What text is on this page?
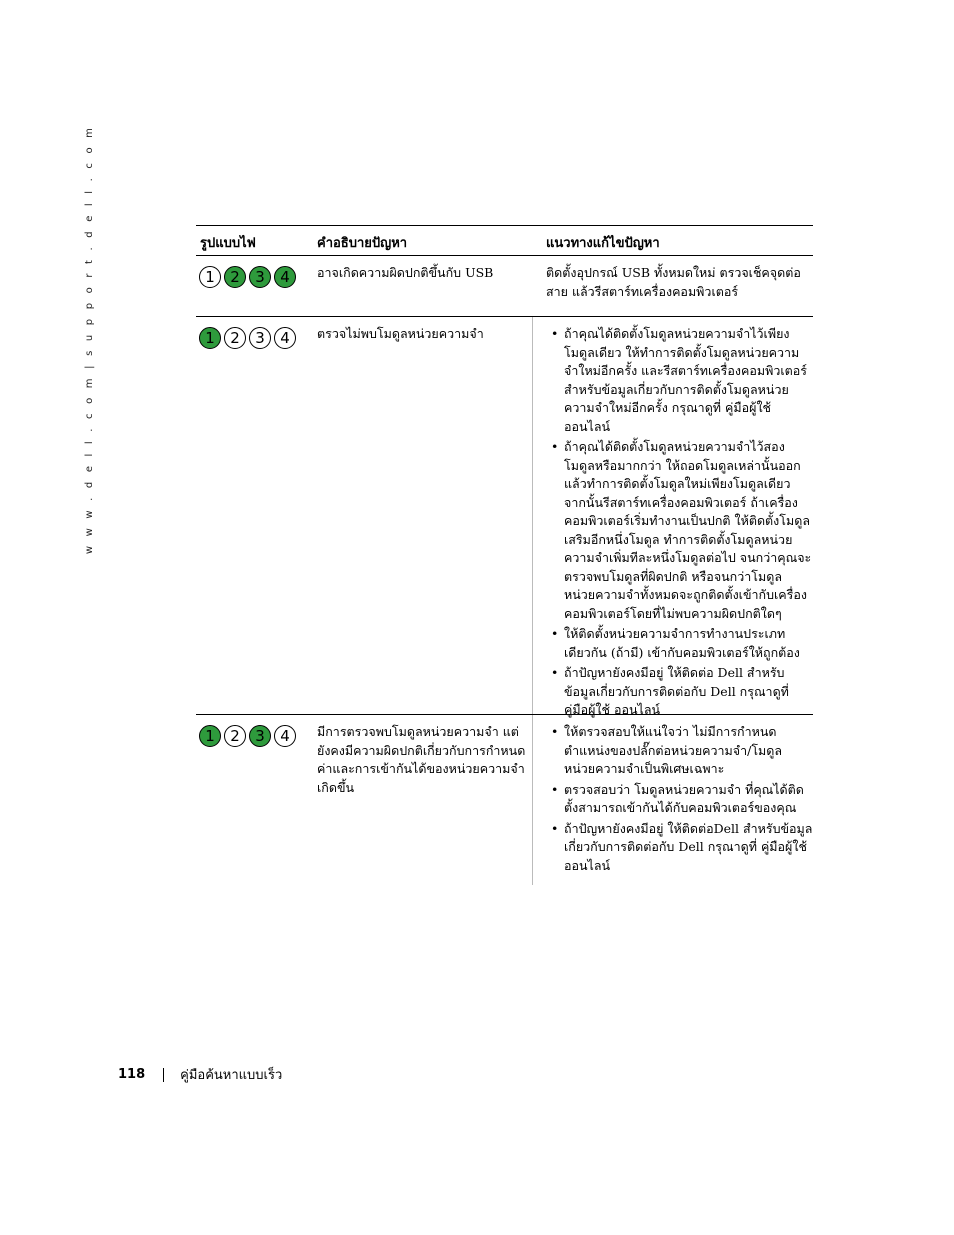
w w w . d e l l . c o m | s u p p o r t . d e l l . c o m	รูปแบบไฟ	คำอธิบายปัญหา	แนวทางแก้ไขปัญหา
1	2	3	4	อาจเกิดความผิดปกติขึ้นกับ USB	ติดตั้งอุปกรณ์ USB ทั้งหมดใหม่ ตรวจเช็คจุดต่อสาย แล้วรีสตาร์ทเครื่องคอมพิวเตอร์
1	2	3	4	ตรวจไม่พบโมดูลหน่วยความจำ
•	ถ้าคุณได้ติดตั้งโมดูลหน่วยความจำไว้เพียงโมดูลเดียว ให้ทำการติดตั้งโมดูลหน่วยความจำใหม่อีกครั้ง และรีสตาร์ทเครื่องคอมพิวเตอร์ สำหรับข้อมูลเกี่ยวกับการติดตั้งโมดูลหน่วยความจำใหม่อีกครั้ง กรุณาดูที่ คู่มือผู้ใช้ ออนไลน์
• ถ้าคุณได้ติดตั้งโมดูลหน่วยความจำไว้สองโมดูลหรือมากกว่า ให้ถอดโมดูลเหล่านั้นออก แล้วทำการติดตั้งโมดูลใหม่เพียงโมดูลเดียว จากนั้นรีสตาร์ทเครื่องคอมพิวเตอร์ ถ้าเครื่องคอมพิวเตอร์เริ่มทำงานเป็นปกติ ให้ติดตั้งโมดูลเสริมอีกหนึ่งโมดูล ทำการติดตั้งโมดูลหน่วยความจำเพิ่มทีละหนึ่งโมดูลต่อไป จนกว่าคุณจะตรวจพบโมดูลที่ผิดปกติ หรือจนกว่าโมดูลหน่วยความจำทั้งหมดจะถูกติดตั้งเข้ากับเครื่องคอมพิวเตอร์โดยที่ไม่พบความผิดปกติใดๆ
• ให้ติดตั้งหน่วยความจำการทำงานประเภทเดียวกัน (ถ้ามี) เข้ากับคอมพิวเตอร์ให้ถูกต้อง
• ถ้าปัญหายังคงมีอยู่ ให้ติดต่อ Dell สำหรับข้อมูลเกี่ยวกับการติดต่อกับ Dell กรุณาดูที่ คู่มือผู้ใช้ ออนไลน์
1	2	3	4	มีการตรวจพบโมดูลหน่วยความจำ แต่ยังคงมีความผิดปกติเกี่ยวกับการกำหนดค่าและการเข้ากันได้ของหน่วยความจำเกิดขึ้น
• ให้ตรวจสอบให้แน่ใจว่า ไม่มีการกำหนดตำแหน่งของปลั๊กต่อหน่วยความจำ/โมดูลหน่วยความจำเป็นพิเศษเฉพาะ
• ตรวจสอบว่า โมดูลหน่วยความจำ ที่คุณได้ติดตั้งสามารถเข้ากันได้กับคอมพิวเตอร์ของคุณ
• ถ้าปัญหายังคงมีอยู่ ให้ติดต่อDell สำหรับข้อมูลเกี่ยวกับการติดต่อกับ Dell กรุณาดูที่ คู่มือผู้ใช้ ออนไลน์
118	คู่มือค้นหาแบบเร็ว
